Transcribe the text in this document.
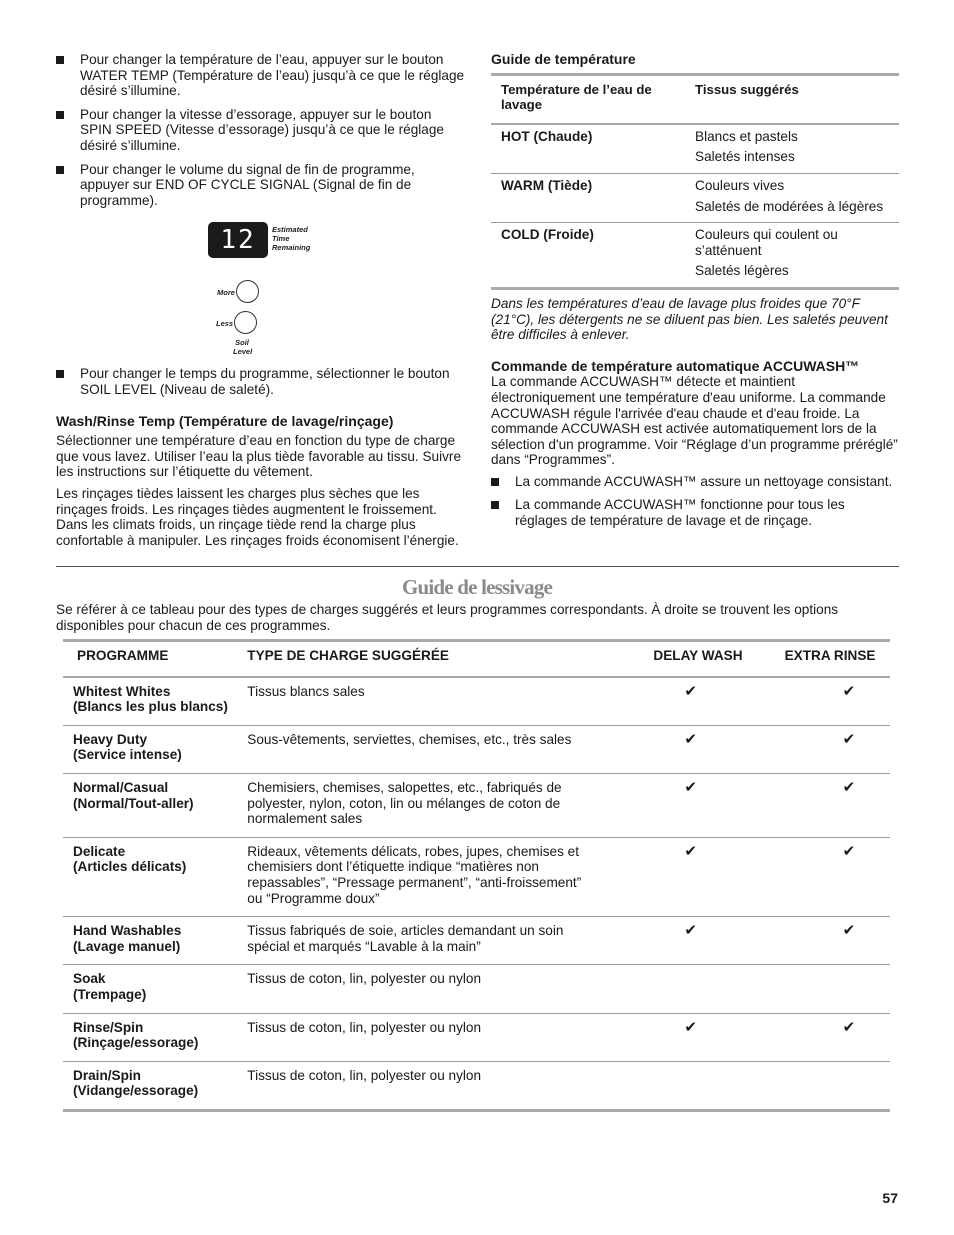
Pour changer la température de l’eau, appuyer sur le bouton WATER TEMP (Température de l’eau) jusqu’à ce que le réglage désiré s’illumine.
Pour changer la vitesse d’essorage, appuyer sur le bouton SPIN SPEED (Vitesse d’essorage) jusqu’à ce que le réglage désiré s’illumine.
Pour changer le volume du signal de fin de programme, appuyer sur END OF CYCLE SIGNAL (Signal de fin de programme).
12	Estimated
Time
Remaining
More
Less
Soil
Level
Pour changer le temps du programme, sélectionner le bouton SOIL LEVEL (Niveau de saleté).
Wash/Rinse Temp (Température de lavage/rinçage)
Sélectionner une température d’eau en fonction du type de charge que vous lavez. Utiliser l’eau la plus tiède favorable au tissu. Suivre les instructions sur l’étiquette du vêtement.
Les rinçages tièdes laissent les charges plus sèches que les rinçages froids. Les rinçages tièdes augmentent le froissement. Dans les climats froids, un rinçage tiède rend la charge plus confortable à manipuler. Les rinçages froids économisent l’énergie.
Guide de température
Température de l’eau de lavage	Tissus suggérés
HOT (Chaude)	Blancs et pastels
Saletés intenses

WARM (Tiède)	Couleurs vives
Saletés de modérées à légères

COLD (Froide)	Couleurs qui coulent ou s’atténuent
Saletés légères
Dans les températures d’eau de lavage plus froides que 70°F (21°C), les détergents ne se diluent pas bien. Les saletés peuvent être difficiles à enlever.
Commande de température automatique ACCUWASH™
La commande ACCUWASH™ détecte et maintient électroniquement une température d'eau uniforme. La commande ACCUWASH régule l'arrivée d'eau chaude et d'eau froide. La commande ACCUWASH est activée automatiquement lors de la sélection d'un programme. Voir “Réglage d’un programme préréglé” dans “Programmes”.
La commande ACCUWASH™ assure un nettoyage consistant.
La commande ACCUWASH™ fonctionne pour tous les réglages de température de lavage et de rinçage.
Guide de lessivage
Se référer à ce tableau pour des types de charges suggérés et leurs programmes correspondants. À droite se trouvent les options disponibles pour chacun de ces programmes.
PROGRAMME	TYPE DE CHARGE SUGGÉRÉE	DELAY WASH	EXTRA RINSE

Whitest Whites
(Blancs les plus blancs)	Tissus blancs sales	✔	✔

Heavy Duty
(Service intense)	Sous-vêtements, serviettes, chemises, etc., très sales	✔	✔

Normal/Casual
(Normal/Tout-aller)	Chemisiers, chemises, salopettes, etc., fabriqués de polyester, nylon, coton, lin ou mélanges de coton de normalement sales	✔	✔

Delicate
(Articles délicats)	Rideaux, vêtements délicats, robes, jupes, chemises et chemisiers dont l’étiquette indique “matières non repassables”, “Pressage permanent”, “anti-froissement” ou “Programme doux”	✔	✔

Hand Washables
(Lavage manuel)	Tissus fabriqués de soie, articles demandant un soin spécial et marqués “Lavable à la main”	✔	✔

Soak
(Trempage)	Tissus de coton, lin, polyester ou nylon		

Rinse/Spin
(Rinçage/essorage)	Tissus de coton, lin, polyester ou nylon	✔	✔

Drain/Spin
(Vidange/essorage)	Tissus de coton, lin, polyester ou nylon		
57
